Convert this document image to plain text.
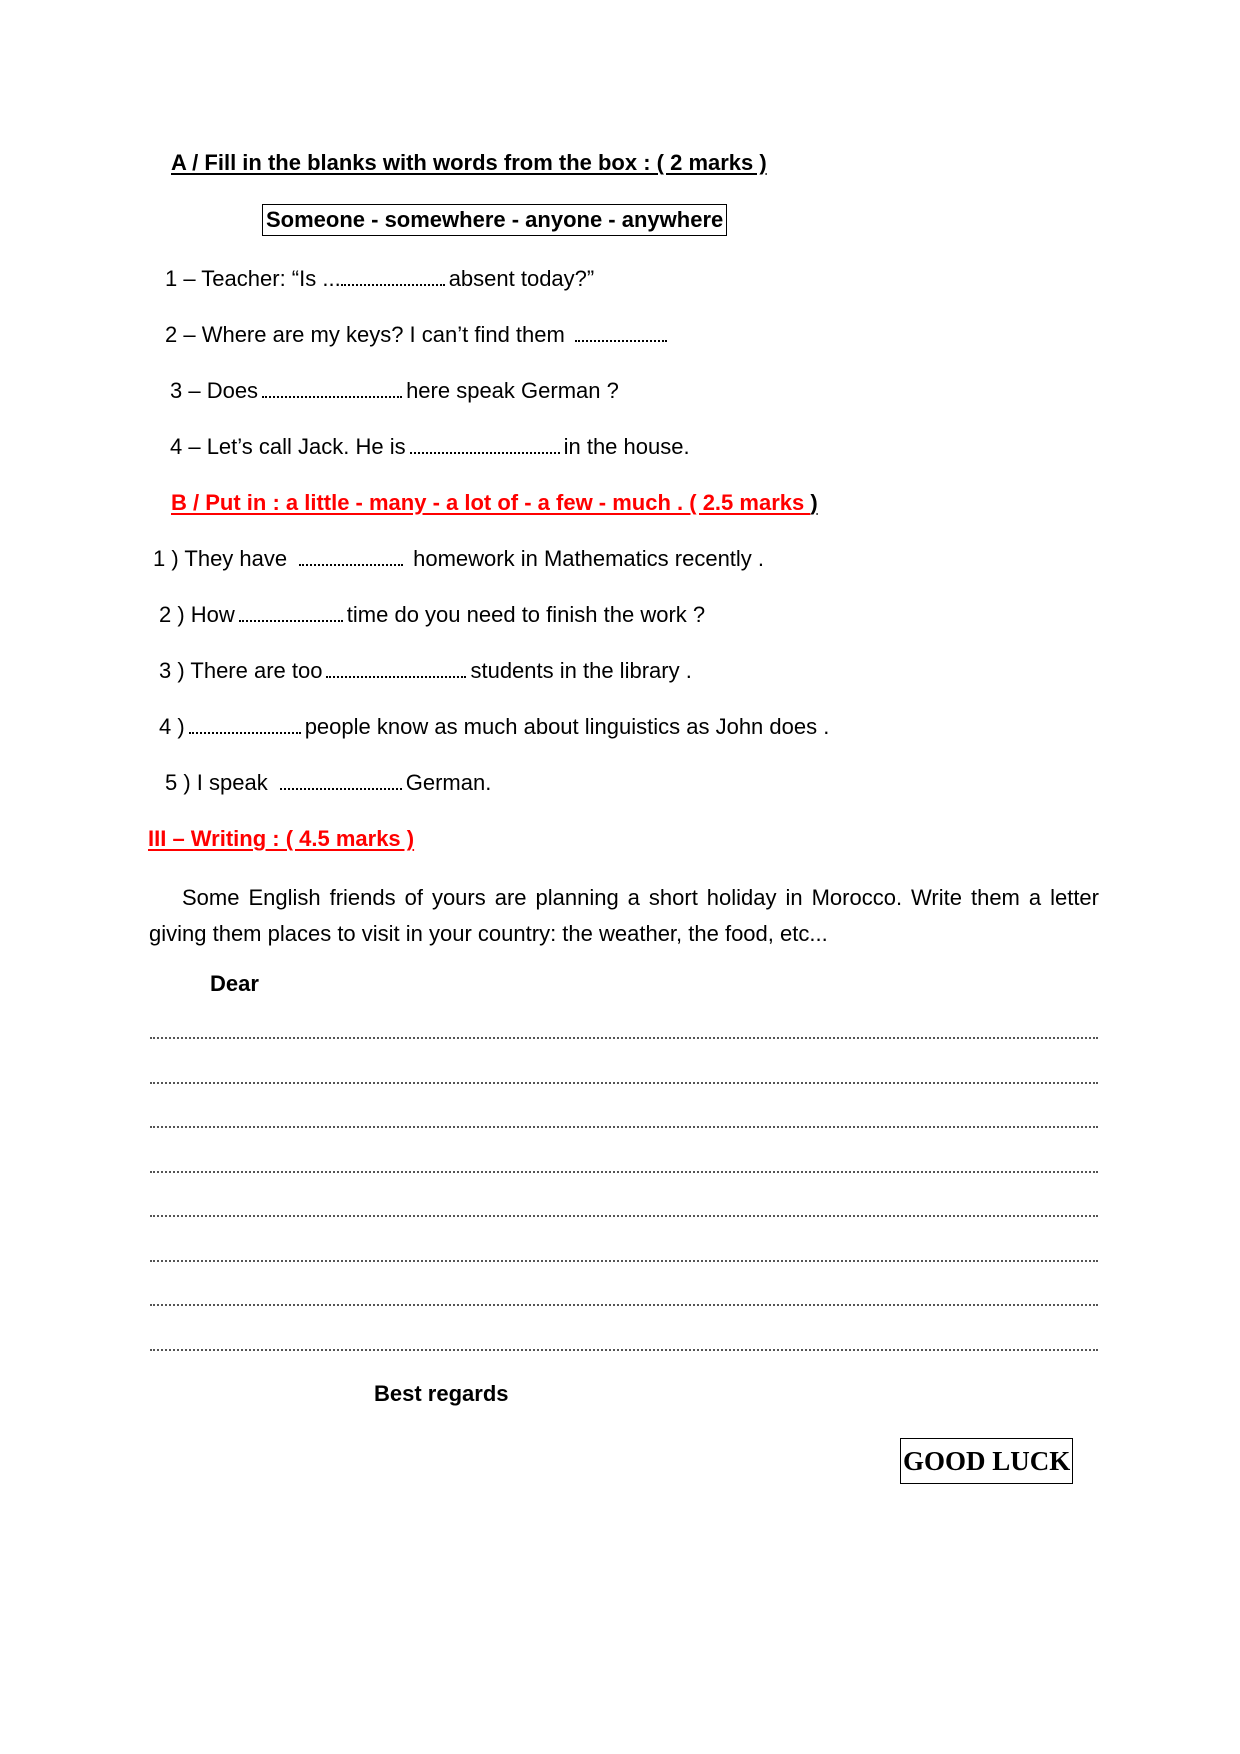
A / Fill in the blanks with words from the box : ( 2 marks )
Someone - somewhere - anyone - anywhere
1 – Teacher: “Is ...	absent today?”
2 – Where are my keys? I can’t find them
3 – Does	here speak German ?
4 – Let’s call Jack. He is	in the house.
B / Put in : a little - many - a lot of - a few - much . ( 2.5 marks )
1 ) They have	homework in Mathematics recently .
2 ) How	time do you need to finish the work ?
3 ) There are too	students in the library .
4 )	people know as much about linguistics as John does .
5 ) I speak	German.
III – Writing : ( 4.5 marks )
Some English friends of yours are planning a short holiday in Morocco. Write them a letter giving them places to visit in your country: the weather, the food, etc...
Dear
Best regards
GOOD LUCK
